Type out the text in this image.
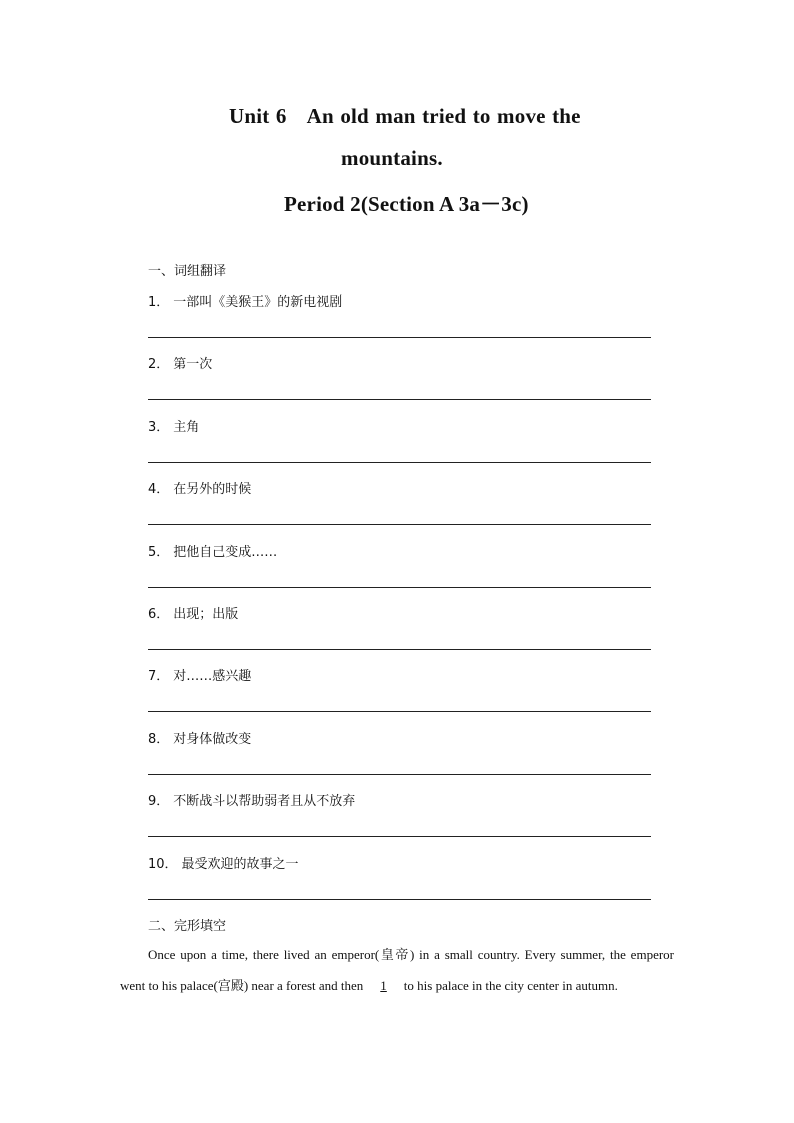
Unit 6 An old man tried to move the
mountains.
Period 2(Section A 3a－3c)
一、词组翻译
1． 一部叫《美猴王》的新电视剧
2． 第一次
3． 主角
4． 在另外的时候
5． 把他自己变成……
6． 出现；出版
7． 对……感兴趣
8． 对身体做改变
9． 不断战斗以帮助弱者且从不放弃
10． 最受欢迎的故事之一
二、完形填空
Once upon a time, there lived an emperor(皇帝) in a small country. Every summer, the emperor went to his palace(宫殿) near a forest and then 1 to his palace in the city center in autumn.
